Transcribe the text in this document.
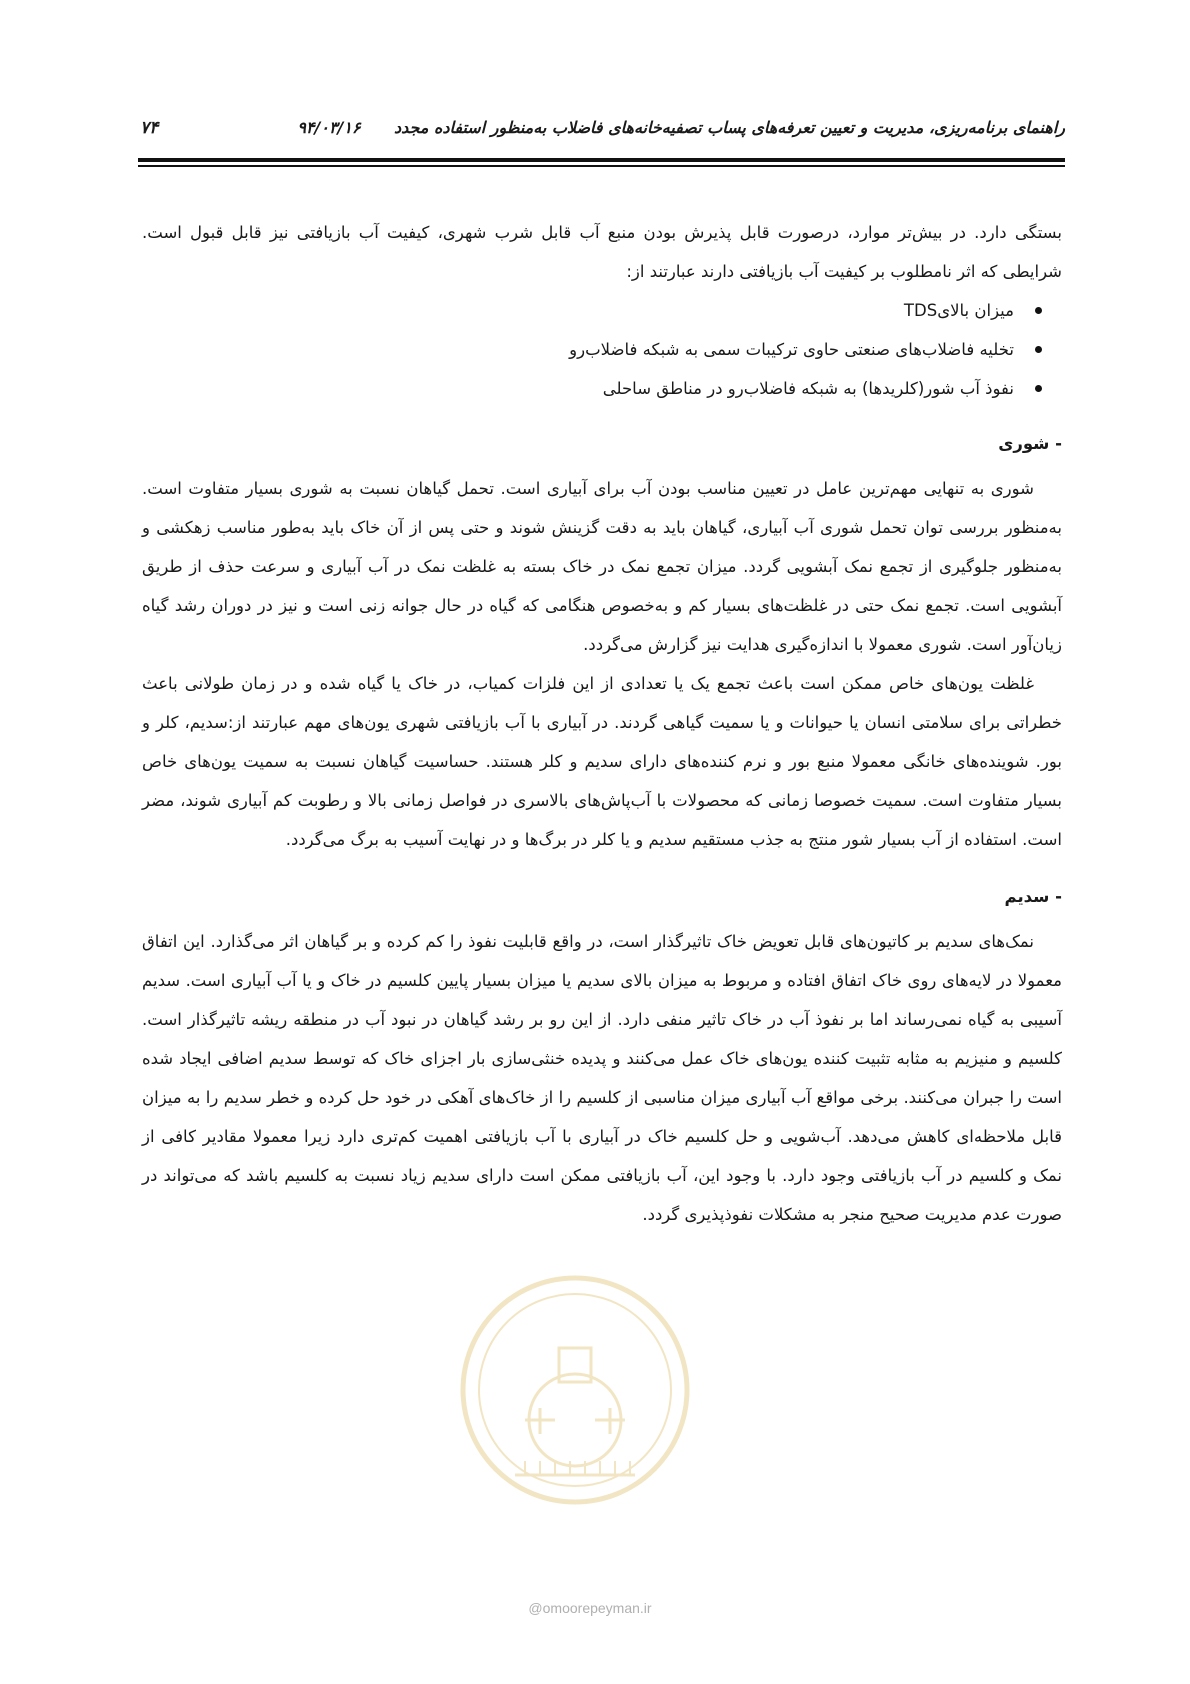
راهنمای برنامه‌ریزی، مدیریت و تعیین تعرفه‌های پساب تصفیه‌خانه‌های فاضلاب به‌منظور استفاده مجدد      ۹۴/۰۳/۱۶
۷۴

بستگی دارد. در بیش‌تر موارد، درصورت قابل پذیرش بودن منبع آب قابل شرب شهری، کیفیت آب بازیافتی نیز قابل قبول است. شرایطی که اثر نامطلوب بر کیفیت آب بازیافتی دارند عبارتند از:

میزان بالایTDS
تخلیه فاضلاب‌های صنعتی حاوی ترکیبات سمی به شبکه فاضلاب‌رو
نفوذ آب شور(کلریدها) به شبکه فاضلاب‌رو در مناطق ساحلی
- شوری

شوری به تنهایی مهم‌ترین عامل در تعیین مناسب بودن آب برای آبیاری است. تحمل گیاهان نسبت به شوری بسیار متفاوت است. به‌منظور بررسی توان تحمل شوری آب آبیاری، گیاهان باید به دقت گزینش شوند و حتی پس از آن خاک باید به‌طور مناسب زهکشی و به‌منظور جلوگیری از تجمع نمک آبشویی گردد. میزان تجمع نمک در خاک بسته به غلظت نمک در آب آبیاری و سرعت حذف از طریق آبشویی است. تجمع نمک حتی در غلظت‌های بسیار کم و به‌خصوص هنگامی که گیاه در حال جوانه زنی است و نیز در دوران رشد گیاه زیان‌آور است. شوری معمولا با اندازه‌گیری هدایت نیز گزارش می‌گردد.

غلظت یون‌های خاص ممکن است باعث تجمع یک یا تعدادی از این فلزات کمیاب، در خاک یا گیاه شده و در زمان طولانی باعث خطراتی برای سلامتی انسان یا حیوانات و یا سمیت گیاهی گردند. در آبیاری با آب بازیافتی شهری یون‌های مهم عبارتند از:سدیم، کلر و بور. شوینده‌های خانگی معمولا منبع بور و نرم کننده‌های دارای سدیم و کلر هستند. حساسیت گیاهان نسبت به سمیت یون‌های خاص بسیار متفاوت است. سمیت خصوصا زمانی که محصولات با آب‌پاش‌های بالاسری در فواصل زمانی بالا و رطوبت کم آبیاری شوند، مضر است. استفاده از آب بسیار شور منتج به جذب مستقیم سدیم و یا کلر در برگ‌ها و در نهایت آسیب به برگ می‌گردد.

- سدیم

نمک‌های سدیم بر کاتیون‌های قابل تعویض خاک تاثیرگذار است، در واقع قابلیت نفوذ را کم کرده و بر گیاهان اثر می‌گذارد. این اتفاق معمولا در لایه‌های روی خاک اتفاق افتاده و مربوط به میزان بالای سدیم یا میزان بسیار پایین کلسیم در خاک و یا آب آبیاری است. سدیم آسیبی به گیاه نمی‌رساند اما بر نفوذ آب در خاک تاثیر منفی دارد. از این رو بر رشد گیاهان در نبود آب در منطقه ریشه تاثیرگذار است. کلسیم و منیزیم به مثابه تثبیت کننده یون‌های خاک عمل می‌کنند و پدیده خنثی‌سازی بار اجزای خاک که توسط سدیم اضافی ایجاد شده است را جبران می‌کنند. برخی مواقع آب آبیاری میزان مناسبی از کلسیم را از خاک‌های آهکی در خود حل کرده و خطر سدیم را به میزان قابل ملاحظه‌ای کاهش می‌دهد. آب‌شویی و حل کلسیم خاک در آبیاری با آب بازیافتی اهمیت کم‌تری دارد زیرا معمولا مقادیر کافی از نمک و کلسیم در آب بازیافتی وجود دارد. با وجود این، آب بازیافتی ممکن است دارای سدیم زیاد نسبت به کلسیم باشد که می‌تواند در صورت عدم مدیریت صحیح منجر به مشکلات نفوذپذیری گردد.

@omoorepeyman.ir
